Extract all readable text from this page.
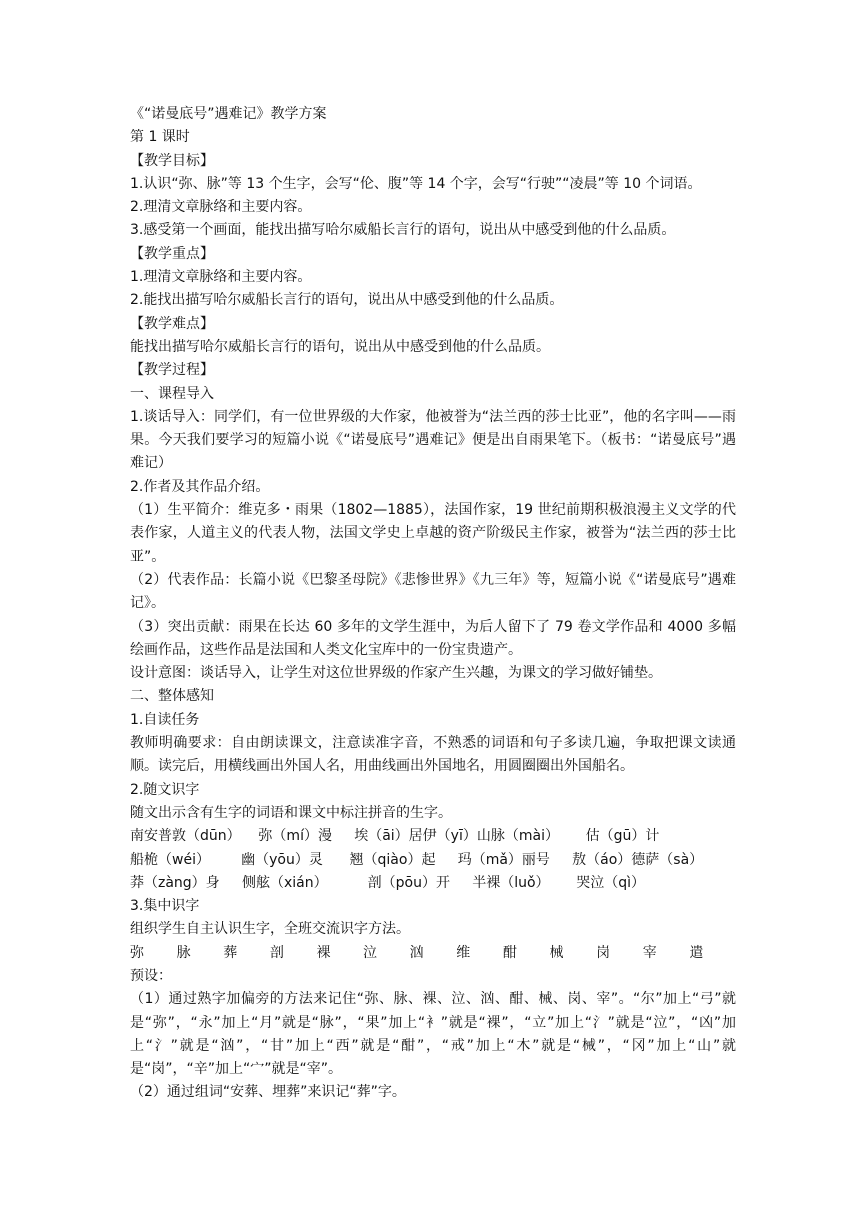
《“诺曼底号”遇难记》教学方案

第 1 课时

【教学目标】

1.认识“弥、脉”等 13 个生字，会写“伦、腹”等 14 个字，会写“行驶”“凌晨”等 10 个词语。

2.理清文章脉络和主要内容。

3.感受第一个画面，能找出描写哈尔威船长言行的语句，说出从中感受到他的什么品质。

【教学重点】

1.理清文章脉络和主要内容。

2.能找出描写哈尔威船长言行的语句，说出从中感受到他的什么品质。

【教学难点】

能找出描写哈尔威船长言行的语句，说出从中感受到他的什么品质。

【教学过程】

一、课程导入

1.谈话导入：同学们，有一位世界级的大作家，他被誉为“法兰西的莎士比亚”，他的名字叫——雨果。今天我们要学习的短篇小说《“诺曼底号”遇难记》便是出自雨果笔下。（板书：“诺曼底号”遇难记）

2.作者及其作品介绍。

（1）生平简介：维克多・雨果（1802—1885），法国作家，19 世纪前期积极浪漫主义文学的代表作家，人道主义的代表人物，法国文学史上卓越的资产阶级民主作家，被誉为“法兰西的莎士比亚”。

（2）代表作品：长篇小说《巴黎圣母院》《悲惨世界》《九三年》等，短篇小说《“诺曼底号”遇难记》。

（3）突出贡献：雨果在长达 60 多年的文学生涯中，为后人留下了 79 卷文学作品和 4000 多幅绘画作品，这些作品是法国和人类文化宝库中的一份宝贵遗产。

设计意图：谈话导入，让学生对这位世界级的作家产生兴趣，为课文的学习做好铺垫。

二、整体感知

1.自读任务

教师明确要求：自由朗读课文，注意读准字音，不熟悉的词语和句子多读几遍，争取把课文读通顺。读完后，用横线画出外国人名，用曲线画出外国地名，用圆圈圈出外国船名。

2.随文识字

随文出示含有生字的词语和课文中标注拼音的生字。

南安普敦（dūn）    弥（mí）漫     埃（āi）居伊（yī）山脉（mài）      估（gū）计

船桅（wéi）       幽（yōu）灵      翘（qiào）起     玛（mǎ）丽号     敖（áo）德萨（sà）

莽（zàng）身     侧舷（xián）         剖（pōu）开     半裸（luǒ）      哭泣（qì）

3.集中识字

组织学生自主认识生字，全班交流识字方法。

弥	脉	葬	剖	裸	泣	汹	维	酣	械	岗	宰	遣

预设：

（1）通过熟字加偏旁的方法来记住“弥、脉、裸、泣、汹、酣、械、岗、宰”。“尔”加上“弓”就是“弥”，“永”加上“月”就是“脉”，“果”加上“衤”就是“裸”，“立”加上“氵”就是“泣”，“凶”加上“氵”就是“汹”，“甘”加上“西”就是“酣”，“戒”加上“木”就是“械”，“冈”加上“山”就是“岗”，“辛”加上“宀”就是“宰”。

（2）通过组词“安葬、埋葬”来识记“葬”字。
